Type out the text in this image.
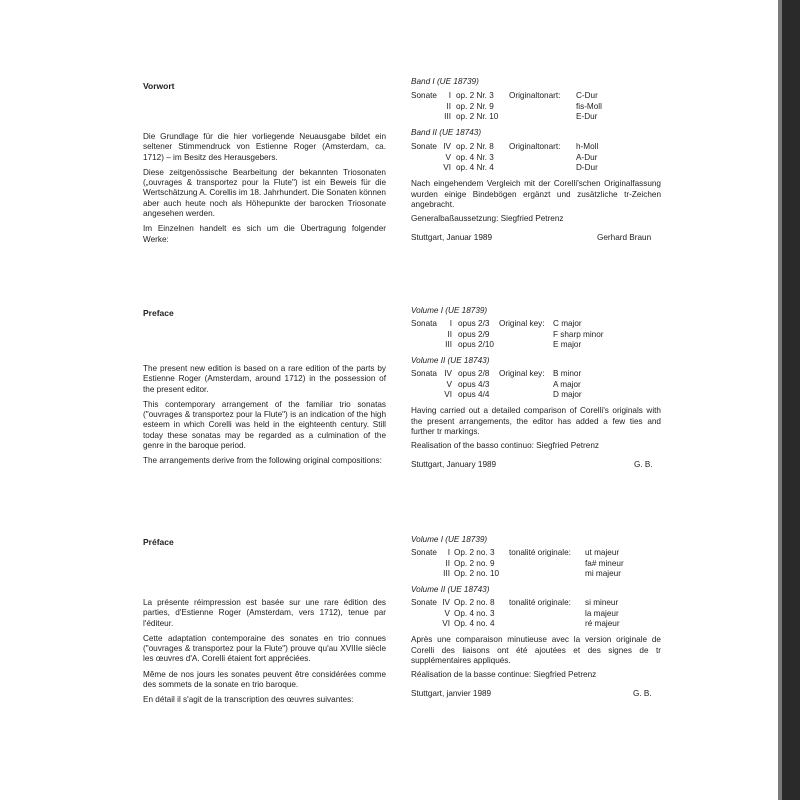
Vorwort

Die Grundlage für die hier vorliegende Neuausgabe bildet ein seltener Stimmendruck von Estienne Roger (Amsterdam, ca. 1712) – im Besitz des Herausgebers.

Diese zeitgenössische Bearbeitung der bekannten Triosonaten („ouvrages & transportez pour la Flute") ist ein Beweis für die Wertschätzung A. Corellis im 18. Jahrhundert. Die Sonaten können aber auch heute noch als Höhepunkte der barocken Triosonate angesehen werden.

Im Einzelnen handelt es sich um die Übertragung folgender Werke:

Band I (UE 18739)
Sonate	I op. 2 Nr. 3 Originaltonart: C-Dur
II op. 2 Nr. 9	fis-Moll
III op. 2 Nr. 10	E-Dur
Band II (UE 18743)
Sonate IV op. 2 Nr. 8 Originaltonart: h-Moll
V op. 4 Nr. 3	A-Dur
VI op. 4 Nr. 4	D-Dur

Nach eingehendem Vergleich mit der Corelli'schen Originalfassung wurden einige Bindebögen ergänzt und zusätzliche tr-Zeichen angebracht.

Generalbaßaussetzung: Siegfried Petrenz

Stuttgart, Januar 1989	Gerhard Braun
Preface

The present new edition is based on a rare edition of the parts by Estienne Roger (Amsterdam, around 1712) in the possession of the present editor.

This contemporary arrangement of the familiar trio sonatas ("ouvrages & transportez pour la Flute") is an indication of the high esteem in which Corelli was held in the eighteenth century. Still today these sonatas may be regarded as a culmination of the genre in the baroque period.

The arrangements derive from the following original compositions:

Volume I (UE 18739)
Sonata	I opus 2/3 Original key: C major
II opus 2/9	F sharp minor
III opus 2/10	E major
Volume II (UE 18743)
Sonata IV opus 2/8 Original key: B minor
V opus 4/3	A major
VI opus 4/4	D major

Having carried out a detailed comparison of Corelli's originals with the present arrangements, the editor has added a few ties and further tr markings.

Realisation of the basso continuo: Siegfried Petrenz

Stuttgart, January 1989	G. B.
Préface

La présente réimpression est basée sur une rare édition des parties, d'Estienne Roger (Amsterdam, vers 1712), tenue par l'éditeur.

Cette adaptation contemporaine des sonates en trio connues ("ouvrages & transportez pour la Flute") prouve qu'au XVIIIe siècle les œuvres d'A. Corelli étaient fort appréciées.

Même de nos jours les sonates peuvent être considérées comme des sommets de la sonate en trio baroque.

En détail il s'agit de la transcription des œuvres suivantes:

Volume I (UE 18739)
Sonate	I Op. 2 no. 3 tonalité originale: ut majeur
II Op. 2 no. 9	fa# mineur
III Op. 2 no. 10	mi majeur
Volume II (UE 18743)
Sonate IV Op. 2 no. 8 tonalité originale: si mineur
V Op. 4 no. 3	la majeur
VI Op. 4 no. 4	ré majeur

Après une comparaison minutieuse avec la version originale de Corelli des liaisons ont été ajoutées et des signes de tr supplémentaires appliqués.

Réalisation de la basse continue: Siegfried Petrenz

Stuttgart, janvier 1989	G. B.
